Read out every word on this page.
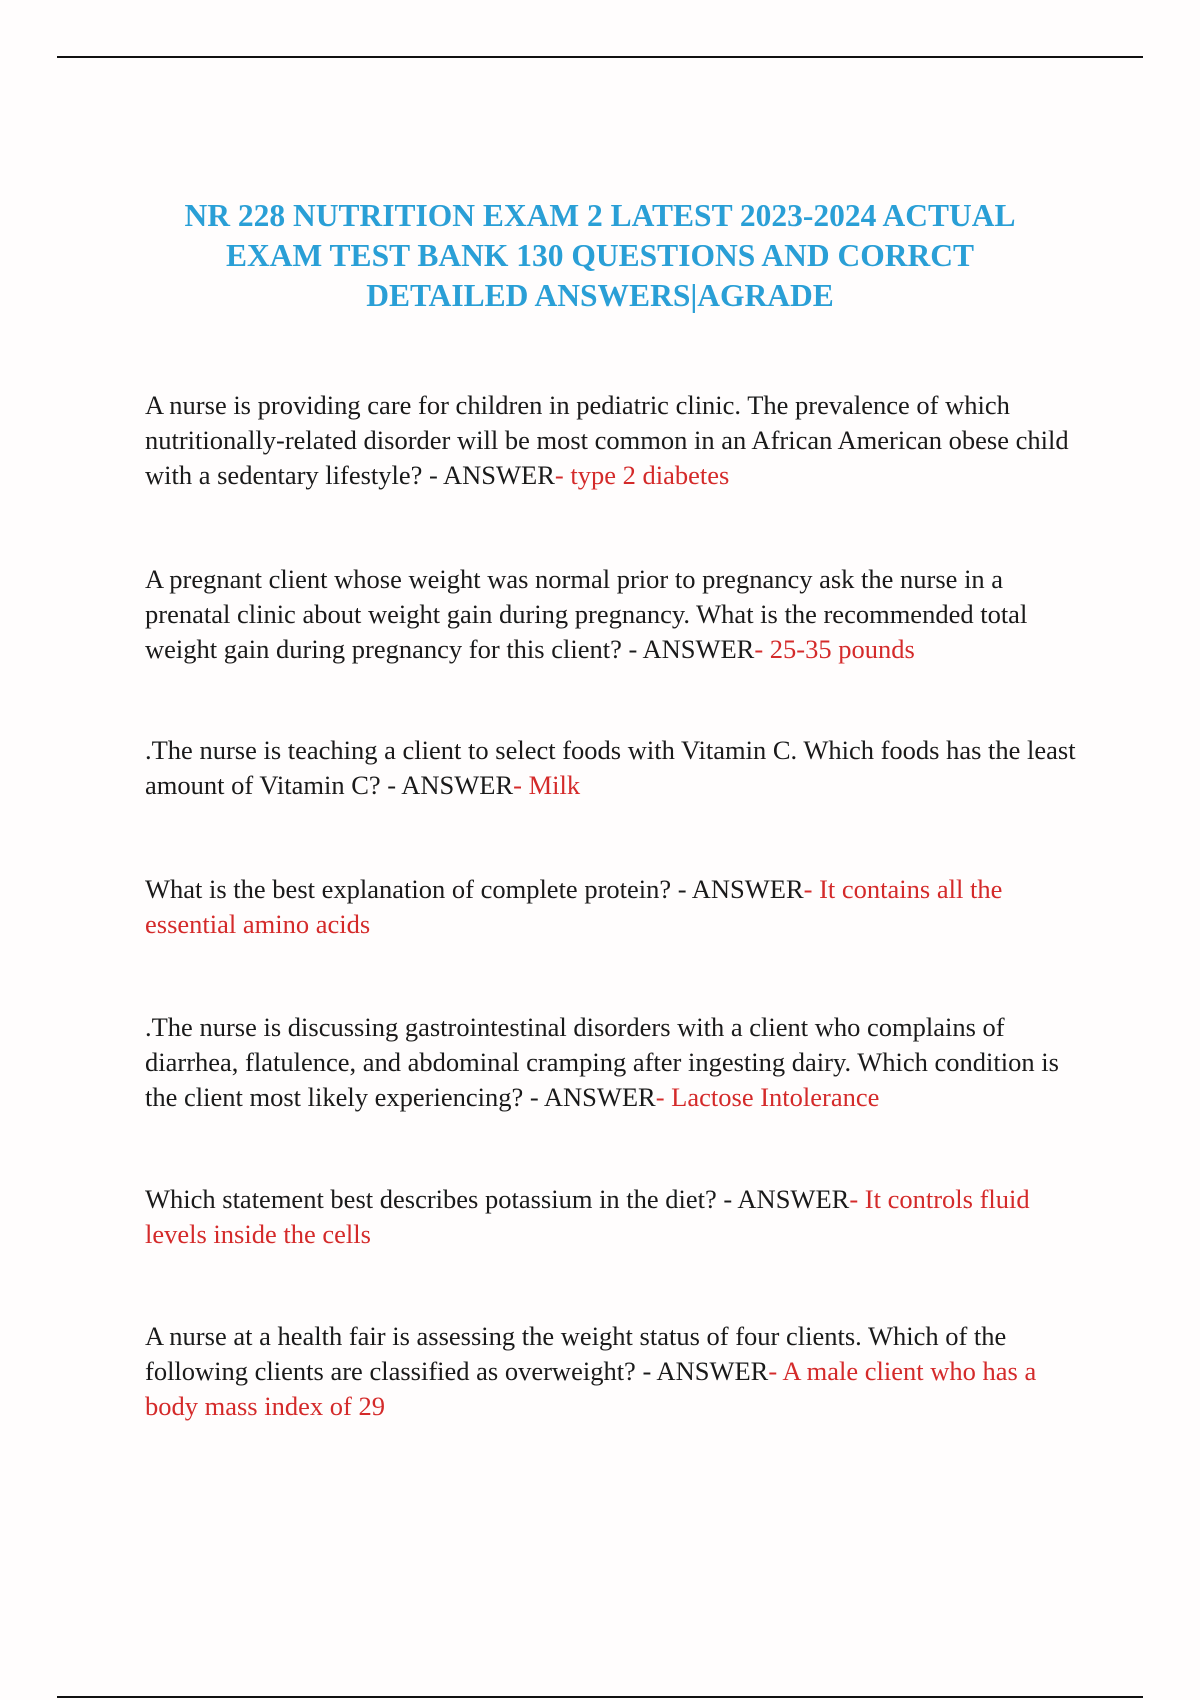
NR 228 NUTRITION EXAM 2 LATEST 2023-2024 ACTUAL
EXAM TEST BANK 130 QUESTIONS AND CORRCT
DETAILED ANSWERS|AGRADE

A nurse is providing care for children in pediatric clinic. The prevalence of which nutritionally-related disorder will be most common in an African American obese child with a sedentary lifestyle? - ANSWER- type 2 diabetes

A pregnant client whose weight was normal prior to pregnancy ask the nurse in a prenatal clinic about weight gain during pregnancy. What is the recommended total weight gain during pregnancy for this client? - ANSWER- 25-35 pounds

.The nurse is teaching a client to select foods with Vitamin C. Which foods has the least amount of Vitamin C? - ANSWER- Milk

What is the best explanation of complete protein? - ANSWER- It contains all the essential amino acids

.The nurse is discussing gastrointestinal disorders with a client who complains of diarrhea, flatulence, and abdominal cramping after ingesting dairy. Which condition is the client most likely experiencing? - ANSWER- Lactose Intolerance

Which statement best describes potassium in the diet? - ANSWER- It controls fluid levels inside the cells

A nurse at a health fair is assessing the weight status of four clients. Which of the following clients are classified as overweight? - ANSWER- A male client who has a body mass index of 29
